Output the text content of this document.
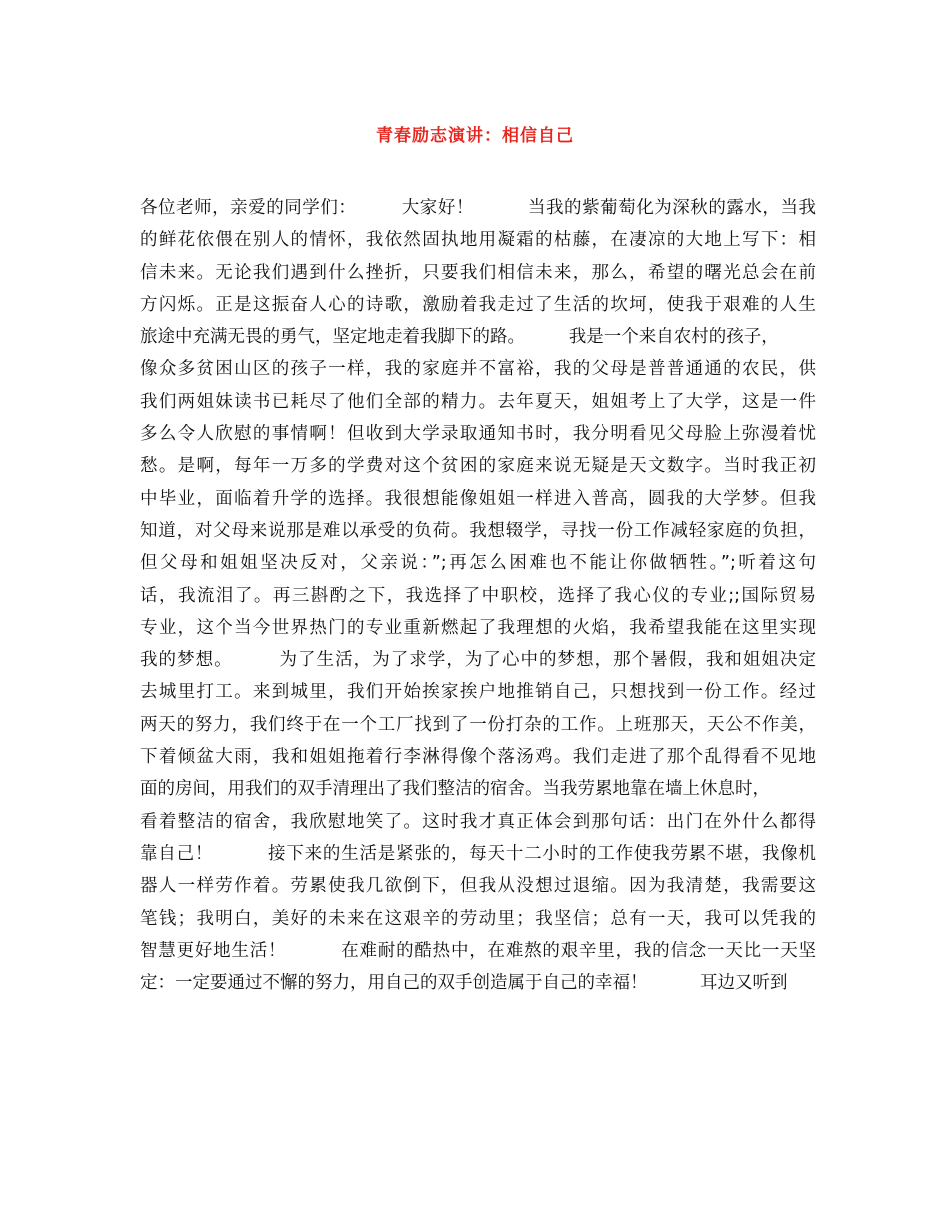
青春励志演讲：相信自己
各位老师，亲爱的同学们：　　　大家好！　　　当我的紫葡萄化为深秋的露水，当我
的鲜花依偎在别人的情怀，我依然固执地用凝霜的枯藤，在凄凉的大地上写下：相
信未来。无论我们遇到什么挫折，只要我们相信未来，那么，希望的曙光总会在前
方闪烁。正是这振奋人心的诗歌，激励着我走过了生活的坎坷，使我于艰难的人生
旅途中充满无畏的勇气，坚定地走着我脚下的路。　　　我是一个来自农村的孩子，
像众多贫困山区的孩子一样，我的家庭并不富裕，我的父母是普普通通的农民，供
我们两姐妹读书已耗尽了他们全部的精力。去年夏天，姐姐考上了大学，这是一件
多么令人欣慰的事情啊！但收到大学录取通知书时，我分明看见父母脸上弥漫着忧
愁。是啊，每年一万多的学费对这个贫困的家庭来说无疑是天文数字。当时我正初
中毕业，面临着升学的选择。我很想能像姐姐一样进入普高，圆我的大学梦。但我
知道，对父母来说那是难以承受的负荷。我想辍学，寻找一份工作减轻家庭的负担，
但父母和姐姐坚决反对，父亲说：”;再怎么困难也不能让你做牺牲。”;听着这句
话，我流泪了。再三斟酌之下，我选择了中职校，选择了我心仪的专业;;国际贸易
专业，这个当今世界热门的专业重新燃起了我理想的火焰，我希望我能在这里实现
我的梦想。　　　为了生活，为了求学，为了心中的梦想，那个暑假，我和姐姐决定
去城里打工。来到城里，我们开始挨家挨户地推销自己，只想找到一份工作。经过
两天的努力，我们终于在一个工厂找到了一份打杂的工作。上班那天，天公不作美，
下着倾盆大雨，我和姐姐拖着行李淋得像个落汤鸡。我们走进了那个乱得看不见地
面的房间，用我们的双手清理出了我们整洁的宿舍。当我劳累地靠在墙上休息时，
看着整洁的宿舍，我欣慰地笑了。这时我才真正体会到那句话：出门在外什么都得
靠自己！　　　接下来的生活是紧张的，每天十二小时的工作使我劳累不堪，我像机
器人一样劳作着。劳累使我几欲倒下，但我从没想过退缩。因为我清楚，我需要这
笔钱；我明白，美好的未来在这艰辛的劳动里；我坚信；总有一天，我可以凭我的
智慧更好地生活！　　　在难耐的酷热中，在难熬的艰辛里，我的信念一天比一天坚
定：一定要通过不懈的努力，用自己的双手创造属于自己的幸福！　　　耳边又听到
